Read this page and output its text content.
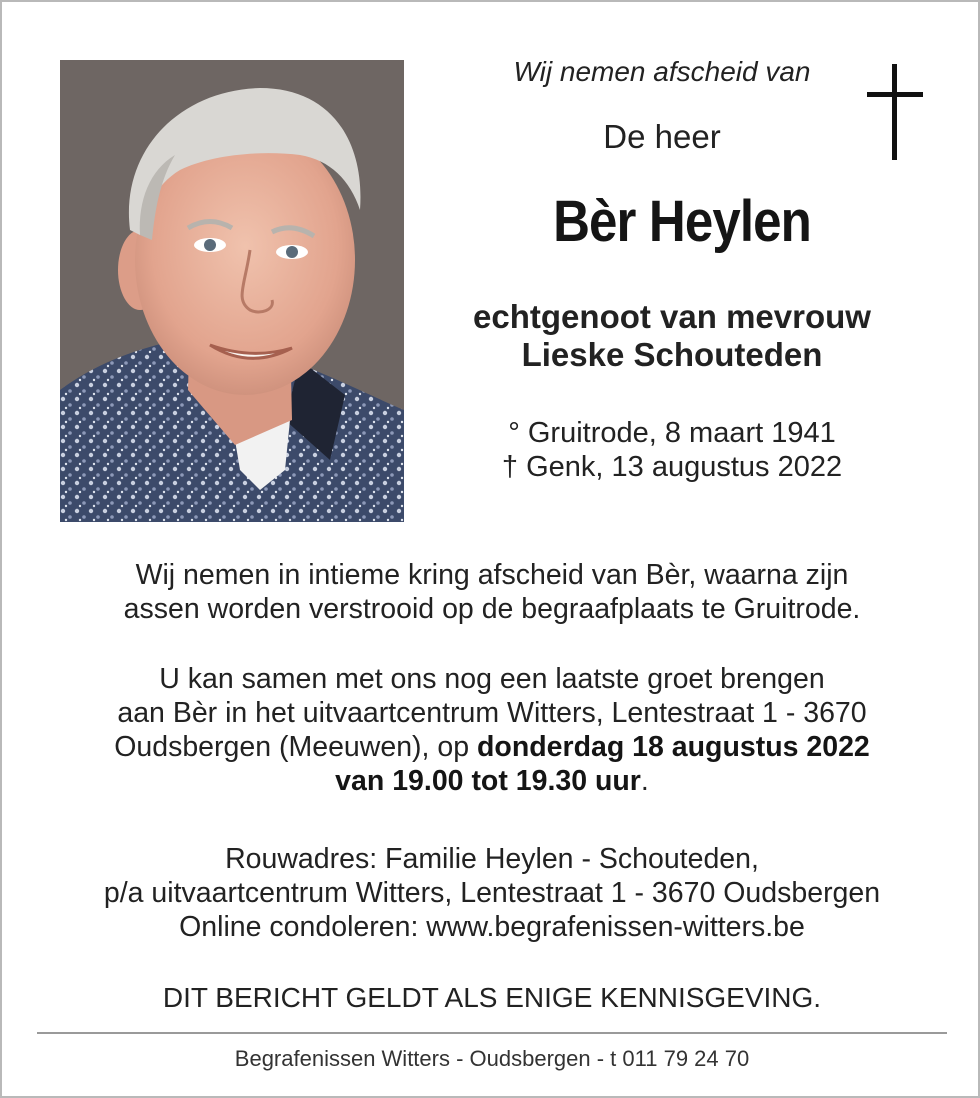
Wij nemen afscheid van
De heer
Bèr Heylen
echtgenoot van mevrouw
Lieske Schouteden
° Gruitrode, 8 maart 1941
† Genk, 13 augustus 2022
Wij nemen in intieme kring afscheid van Bèr, waarna zijn
assen worden verstrooid op de begraafplaats te Gruitrode.
U kan samen met ons nog een laatste groet brengen
aan Bèr in het uitvaartcentrum Witters, Lentestraat 1 - 3670
Oudsbergen (Meeuwen), op donderdag 18 augustus 2022
van 19.00 tot 19.30 uur.
Rouwadres: Familie Heylen - Schouteden,
p/a uitvaartcentrum Witters, Lentestraat 1 - 3670 Oudsbergen
Online condoleren: www.begrafenissen-witters.be
DIT BERICHT GELDT ALS ENIGE KENNISGEVING.
Begrafenissen Witters - Oudsbergen - t 011 79 24 70
